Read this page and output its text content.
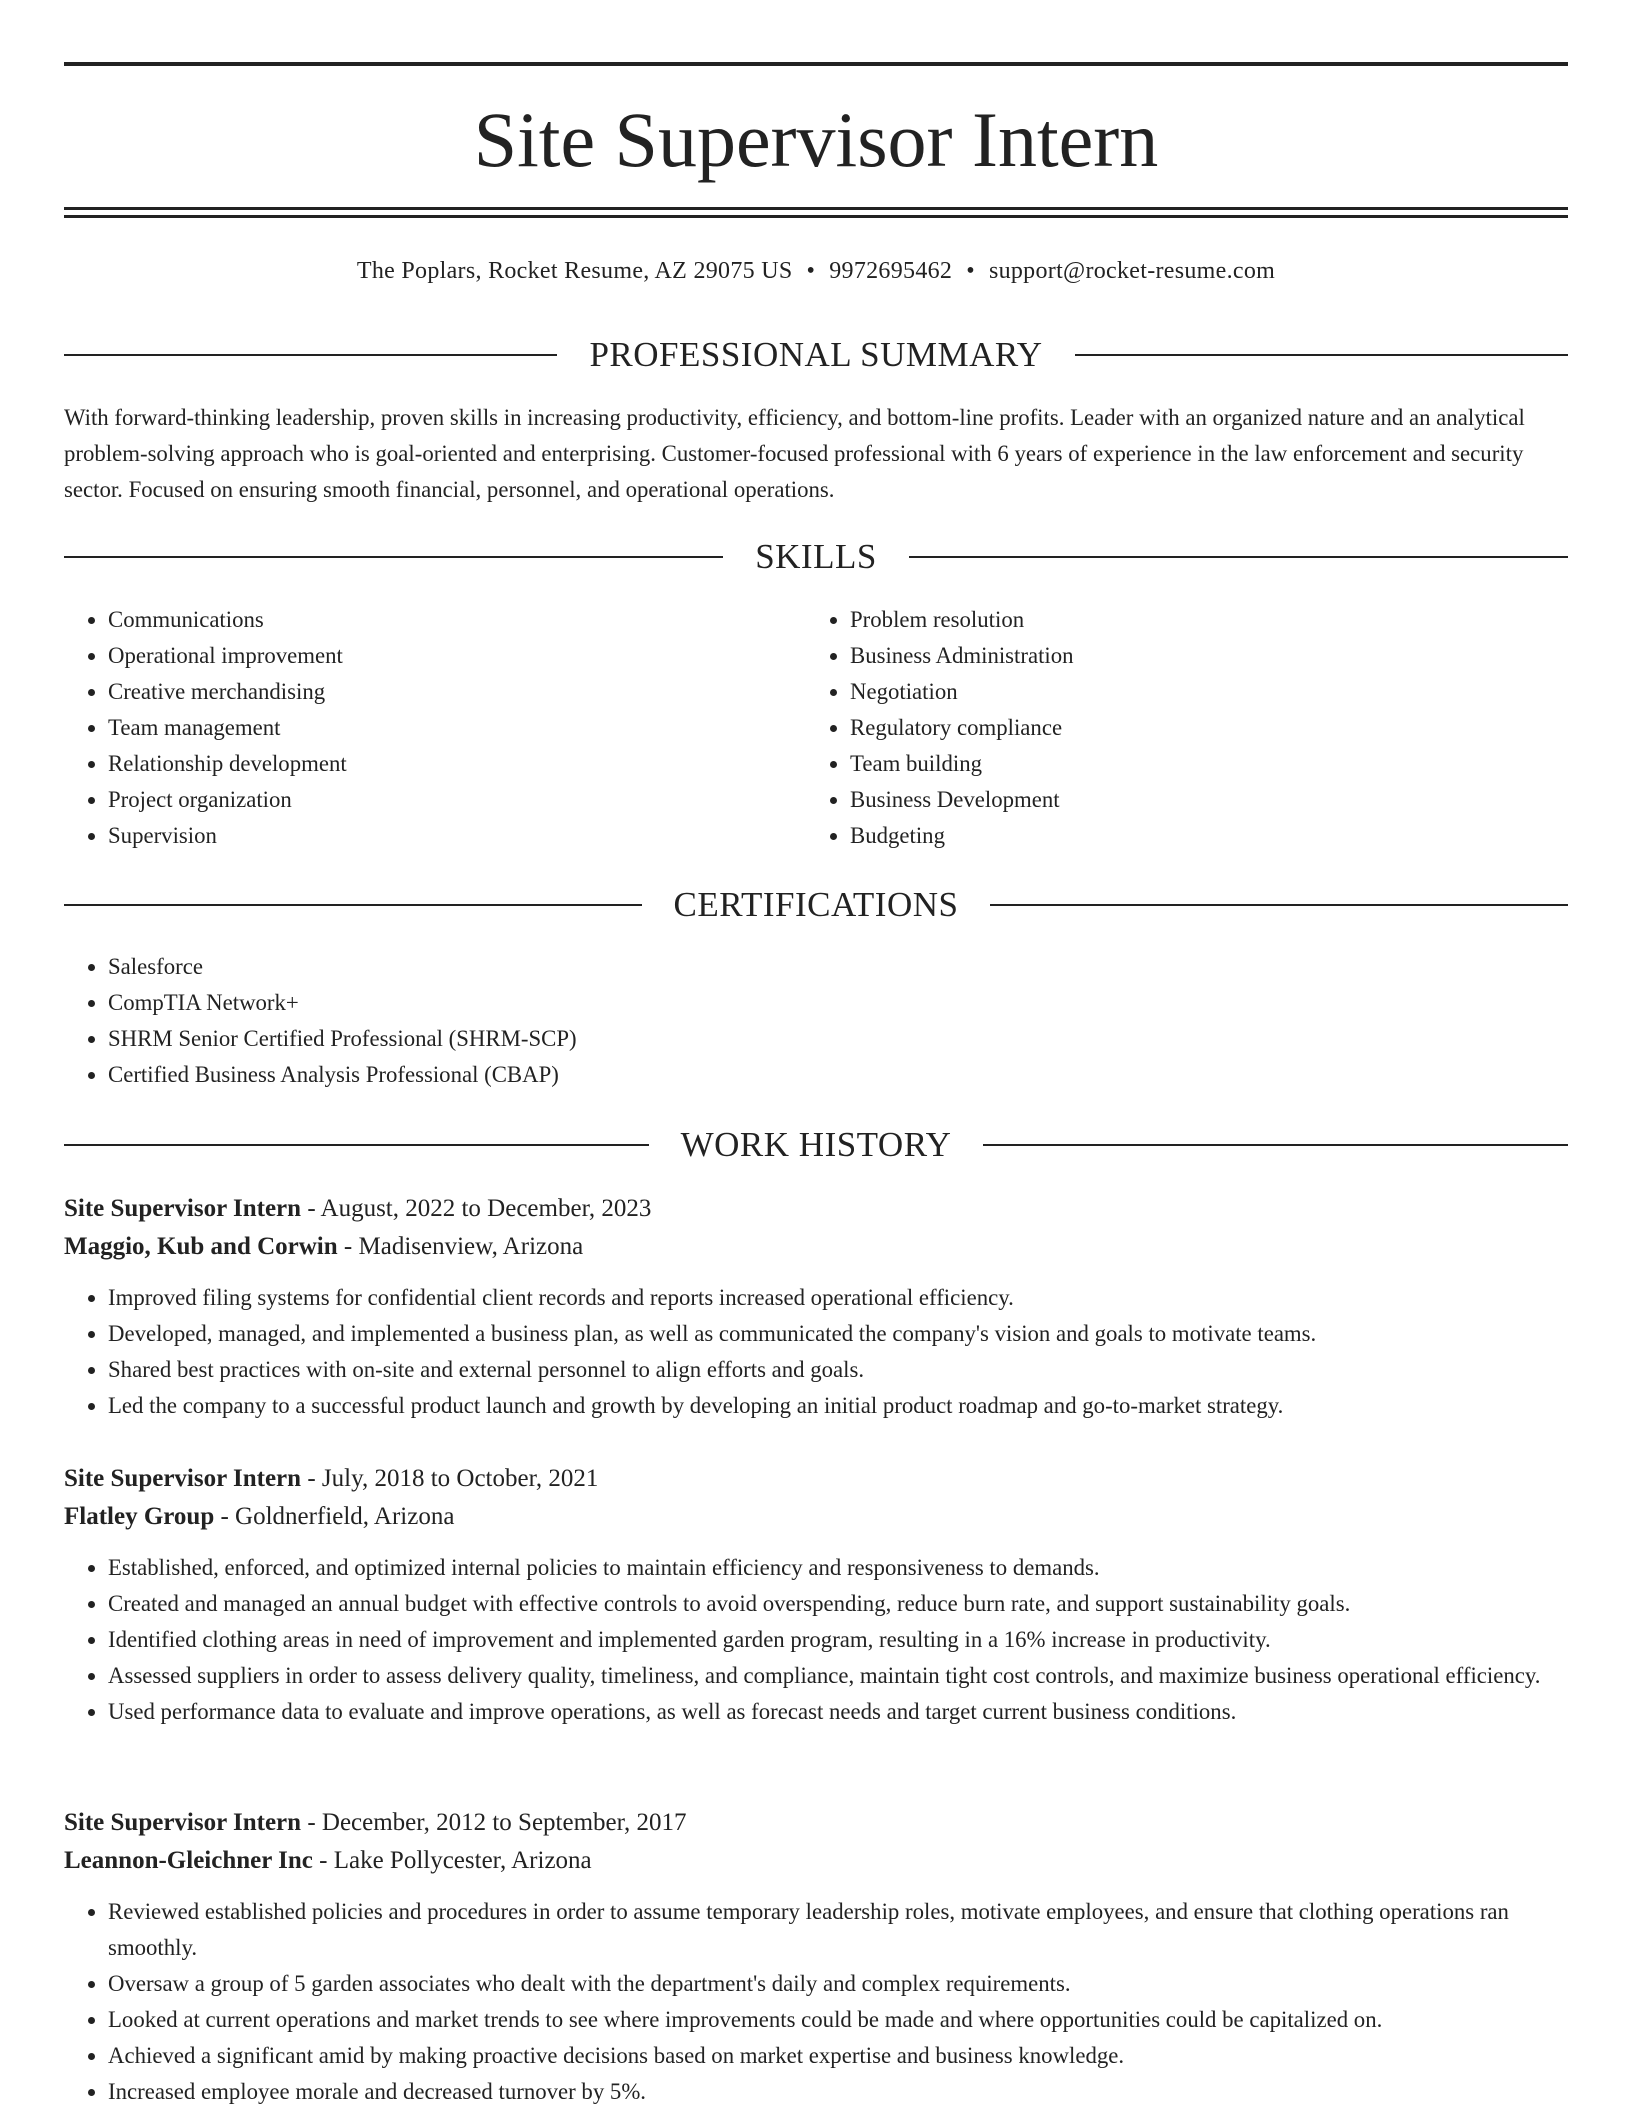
Site Supervisor Intern
The Poplars, Rocket Resume, AZ 29075 US • 9972695462 • support@rocket-resume.com
PROFESSIONAL SUMMARY

With forward-thinking leadership, proven skills in increasing productivity, efficiency, and bottom-line profits. Leader with an organized nature and an analytical problem-solving approach who is goal-oriented and enterprising. Customer-focused professional with 6 years of experience in the law enforcement and security sector. Focused on ensuring smooth financial, personnel, and operational operations.

SKILLS
• Communications
• Operational improvement
• Creative merchandising
• Team management
• Relationship development
• Project organization
• Supervision
• Problem resolution
• Business Administration
• Negotiation
• Regulatory compliance
• Team building
• Business Development
• Budgeting
CERTIFICATIONS
• Salesforce
• CompTIA Network+
• SHRM Senior Certified Professional (SHRM-SCP)
• Certified Business Analysis Professional (CBAP)
WORK HISTORY
Site Supervisor Intern - August, 2022 to December, 2023
Maggio, Kub and Corwin - Madisenview, Arizona
• Improved filing systems for confidential client records and reports increased operational efficiency.
• Developed, managed, and implemented a business plan, as well as communicated the company's vision and goals to motivate teams.
• Shared best practices with on-site and external personnel to align efforts and goals.
• Led the company to a successful product launch and growth by developing an initial product roadmap and go-to-market strategy.
Site Supervisor Intern - July, 2018 to October, 2021
Flatley Group - Goldnerfield, Arizona
• Established, enforced, and optimized internal policies to maintain efficiency and responsiveness to demands.
• Created and managed an annual budget with effective controls to avoid overspending, reduce burn rate, and support sustainability goals.
• Identified clothing areas in need of improvement and implemented garden program, resulting in a 16% increase in productivity.
• Assessed suppliers in order to assess delivery quality, timeliness, and compliance, maintain tight cost controls, and maximize business operational efficiency.
• Used performance data to evaluate and improve operations, as well as forecast needs and target current business conditions.
Site Supervisor Intern - December, 2012 to September, 2017
Leannon-Gleichner Inc - Lake Pollycester, Arizona
• Reviewed established policies and procedures in order to assume temporary leadership roles, motivate employees, and ensure that clothing operations ran smoothly.
• Oversaw a group of 5 garden associates who dealt with the department's daily and complex requirements.
• Looked at current operations and market trends to see where improvements could be made and where opportunities could be capitalized on.
• Achieved a significant amid by making proactive decisions based on market expertise and business knowledge.
• Increased employee morale and decreased turnover by 5%.
